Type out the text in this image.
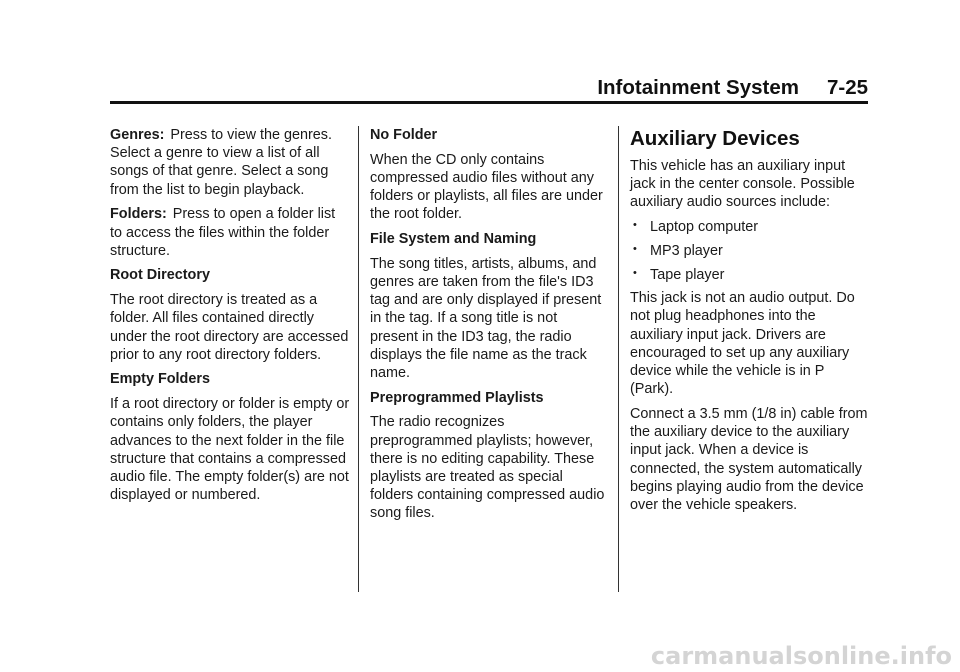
Infotainment System 7-25

Genres: Press to view the genres. Select a genre to view a list of all songs of that genre. Select a song from the list to begin playback.

Folders: Press to open a folder list to access the files within the folder structure.

Root Directory

The root directory is treated as a folder. All files contained directly under the root directory are accessed prior to any root directory folders.

Empty Folders

If a root directory or folder is empty or contains only folders, the player advances to the next folder in the file structure that contains a compressed audio file. The empty folder(s) are not displayed or numbered.

No Folder

When the CD only contains compressed audio files without any folders or playlists, all files are under the root folder.

File System and Naming

The song titles, artists, albums, and genres are taken from the file's ID3 tag and are only displayed if present in the tag. If a song title is not present in the ID3 tag, the radio displays the file name as the track name.

Preprogrammed Playlists

The radio recognizes preprogrammed playlists; however, there is no editing capability. These playlists are treated as special folders containing compressed audio song files.

Auxiliary Devices

This vehicle has an auxiliary input jack in the center console. Possible auxiliary audio sources include:

• Laptop computer
• MP3 player
• Tape player

This jack is not an audio output. Do not plug headphones into the auxiliary input jack. Drivers are encouraged to set up any auxiliary device while the vehicle is in P (Park).

Connect a 3.5 mm (1/8 in) cable from the auxiliary device to the auxiliary input jack. When a device is connected, the system automatically begins playing audio from the device over the vehicle speakers.

carmanualsonline.info
